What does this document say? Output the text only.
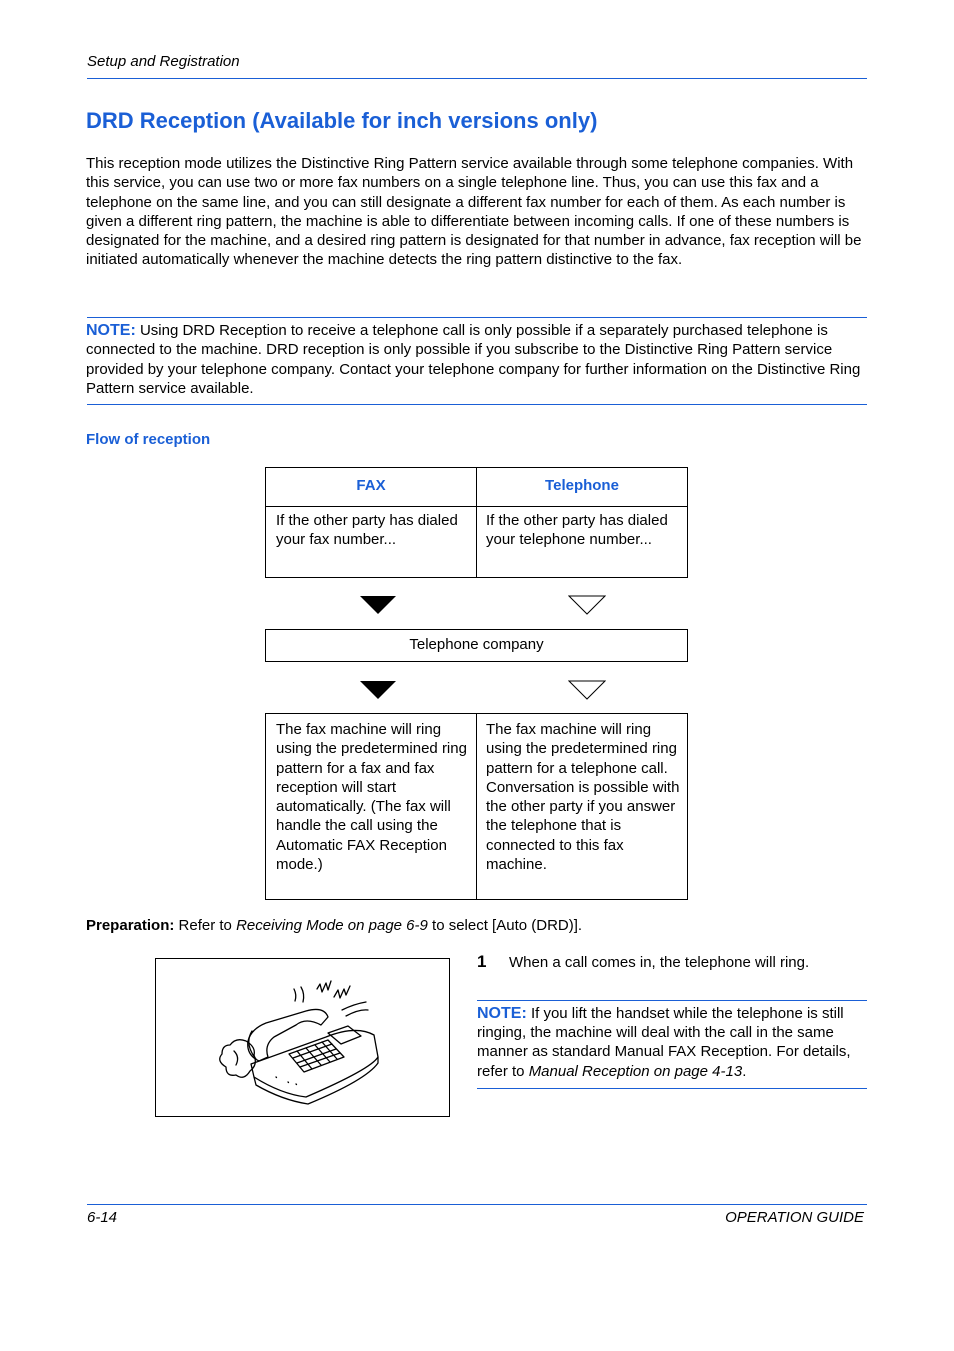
Setup and Registration
DRD Reception (Available for inch versions only)
This reception mode utilizes the Distinctive Ring Pattern service available through some telephone companies. With this service, you can use two or more fax numbers on a single telephone line. Thus, you can use this fax and a telephone on the same line, and you can still designate a different fax number for each of them. As each number is given a different ring pattern, the machine is able to differentiate between incoming calls. If one of these numbers is designated for the machine, and a desired ring pattern is designated for that number in advance, fax reception will be initiated automatically whenever the machine detects the ring pattern distinctive to the fax.
NOTE: Using DRD Reception to receive a telephone call is only possible if a separately purchased telephone is connected to the machine. DRD reception is only possible if you subscribe to the Distinctive Ring Pattern service provided by your telephone company. Contact your telephone company for further information on the Distinctive Ring Pattern service available.
Flow of reception
FAX	Telephone
If the other party has dialed your fax number...
If the other party has dialed your telephone number...
Telephone company
The fax machine will ring using the predetermined ring pattern for a fax and fax reception will start automatically. (The fax will handle the call using the Automatic FAX Reception mode.)
The fax machine will ring using the predetermined ring pattern for a telephone call. Conversation is possible with the other party if you answer the telephone that is connected to this fax machine.
Preparation: Refer to Receiving Mode on page 6-9 to select [Auto (DRD)].
1 When a call comes in, the telephone will ring.
NOTE: If you lift the handset while the telephone is still ringing, the machine will deal with the call in the same manner as standard Manual FAX Reception. For details, refer to Manual Reception on page 4-13.
6-14	OPERATION GUIDE
